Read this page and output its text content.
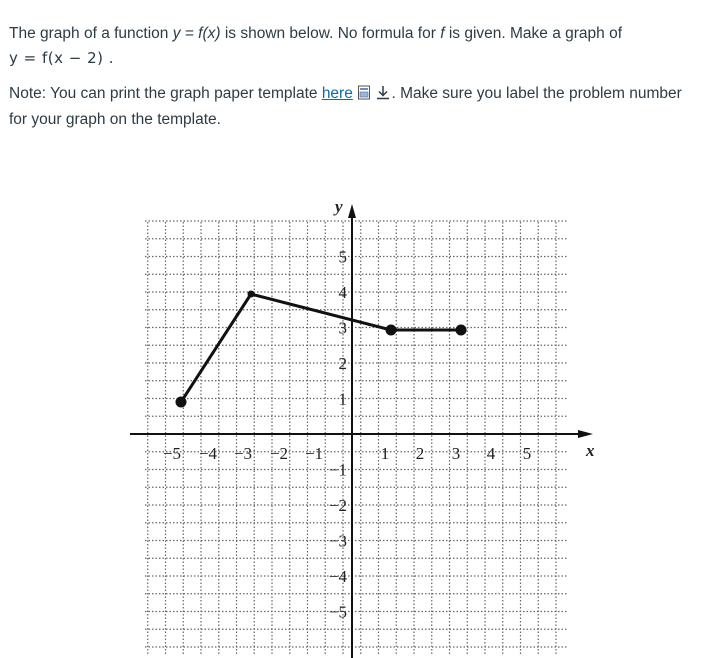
The graph of a function y = f(x) is shown below. No formula for f is given. Make a graph of
y = f(x − 2) .
Note: You can print the graph paper template here . Make sure you label the problem number for your graph on the template.
x
y
−5 −4 −3 −2 −1	1 2 3 4 5
5
4
3
2
1
−1
−2
−3
−4
−5
